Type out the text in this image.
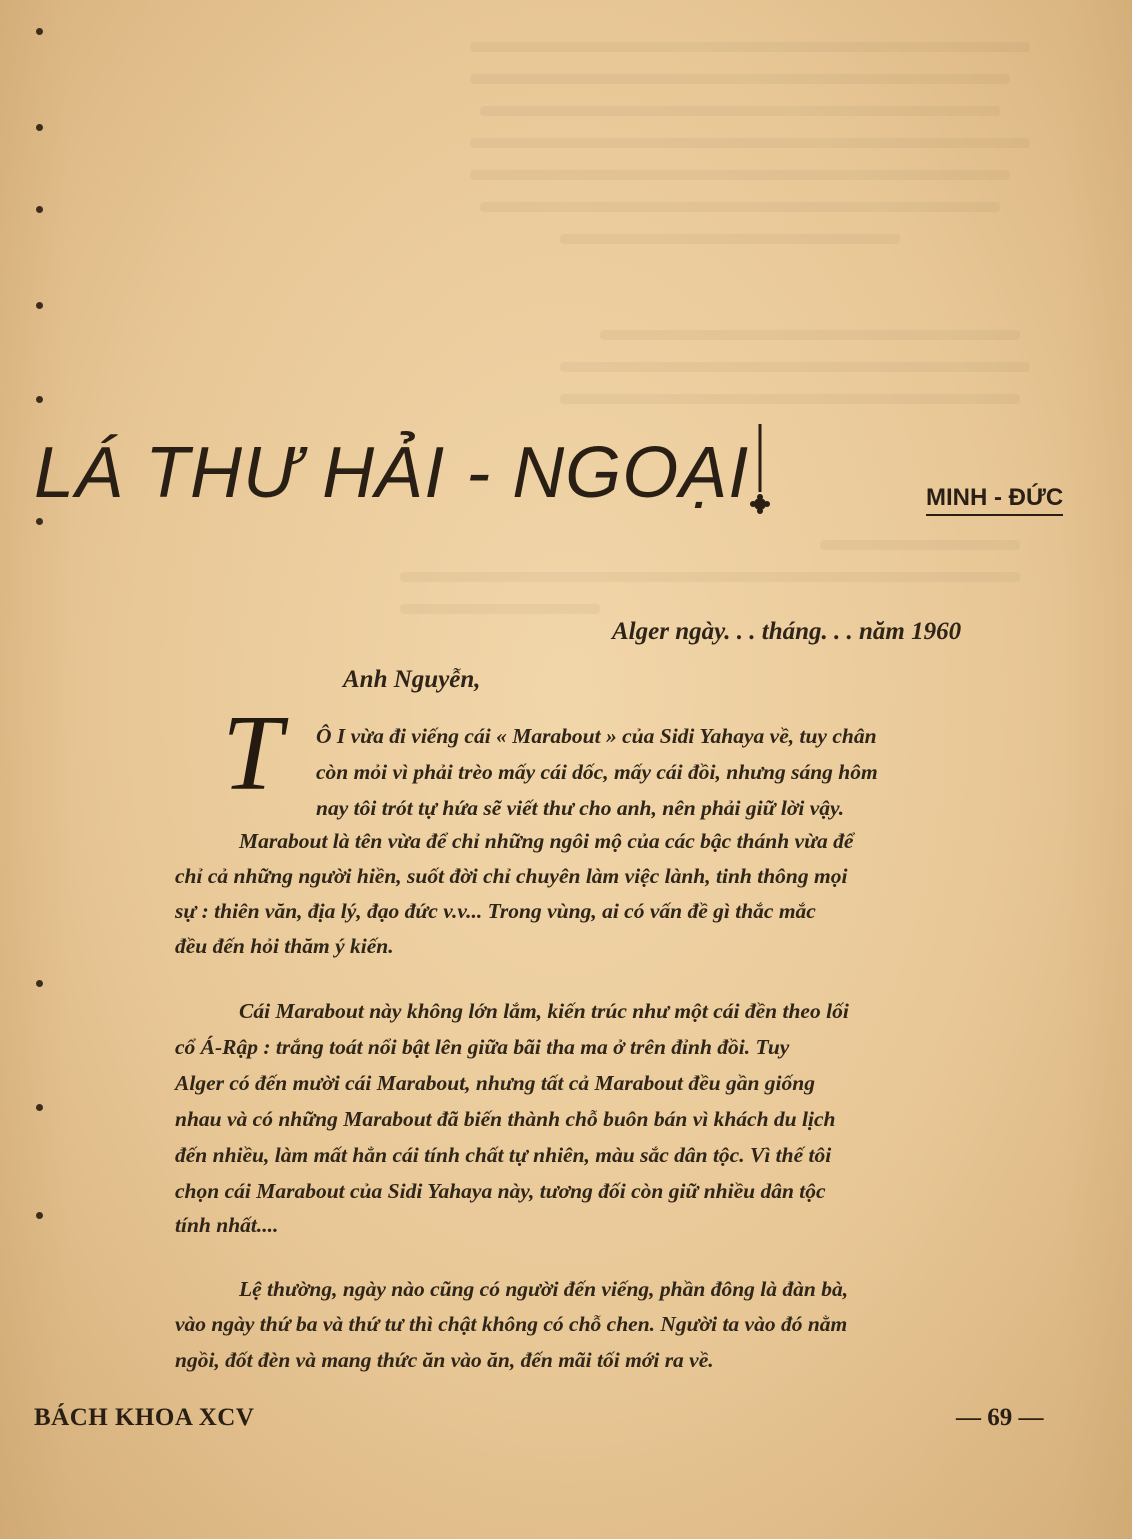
LÁ THƯ HẢI - NGOẠI	MINH - ĐỨC
Alger ngày. . . tháng. . . năm 1960
Anh Nguyễn,
T Ô I vừa đi viếng cái « Marabout » của Sidi Yahaya về, tuy chân
còn mỏi vì phải trèo mấy cái dốc, mấy cái đồi, nhưng sáng hôm
nay tôi trót tự hứa sẽ viết thư cho anh, nên phải giữ lời vậy.
Marabout là tên vừa để chỉ những ngôi mộ của các bậc thánh vừa để
chỉ cả những người hiền, suốt đời chỉ chuyên làm việc lành, tinh thông mọi
sự : thiên văn, địa lý, đạo đức v.v... Trong vùng, ai có vấn đề gì thắc mắc
đều đến hỏi thăm ý kiến.
Cái Marabout này không lớn lắm, kiến trúc như một cái đền theo lối
cổ Á-Rập : trắng toát nổi bật lên giữa bãi tha ma ở trên đỉnh đồi. Tuy
Alger có đến mười cái Marabout, nhưng tất cả Marabout đều gần giống
nhau và có những Marabout đã biến thành chỗ buôn bán vì khách du lịch
đến nhiều, làm mất hẳn cái tính chất tự nhiên, màu sắc dân tộc. Vì thế tôi
chọn cái Marabout của Sidi Yahaya này, tương đối còn giữ nhiều dân tộc
tính nhất....
Lệ thường, ngày nào cũng có người đến viếng, phần đông là đàn bà,
vào ngày thứ ba và thứ tư thì chật không có chỗ chen. Người ta vào đó nằm
ngồi, đốt đèn và mang thức ăn vào ăn, đến mãi tối mới ra về.
BÁCH KHOA XCV	— 69 —
